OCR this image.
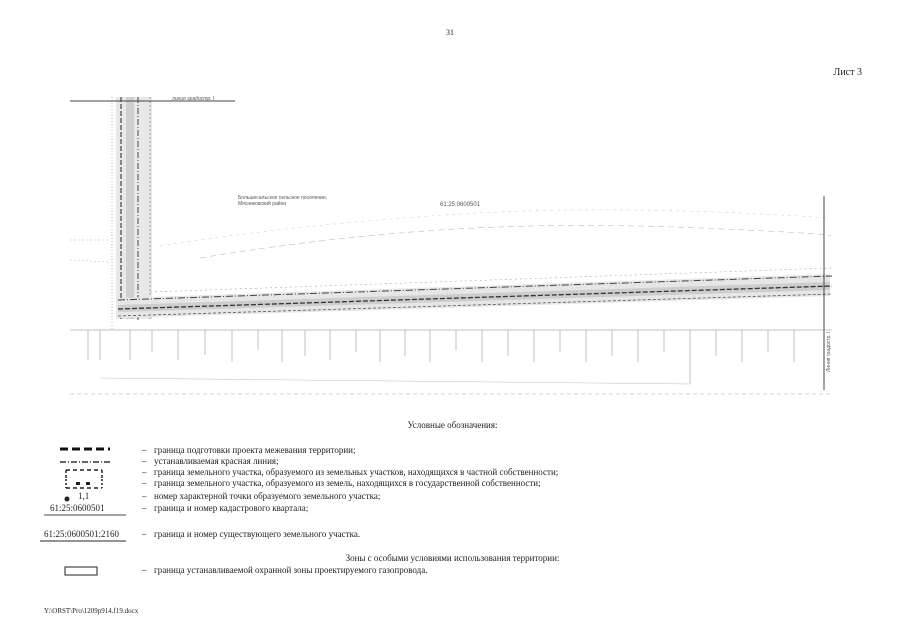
31
Лист 3
линия градостр. l
Линия градостр. l
Большесальское сельское поселение, Мясниковский район	61:25:0600501
Условные обозначения:
– граница подготовки проекта межевания территории;
– устанавливаемая красная линия;
– граница земельного участка, образуемого из земельных участков, находящихся в частной собственности;
– граница земельного участка, образуемого из земель, находящихся в государственной собственности;
1,1	– номер характерной точки образуемого земельного участка;
61:25:0600501	– граница и номер кадастрового квартала;
61:25:0600501:2160	– граница и номер существующего земельного участка.
Зоны с особыми условиями использования территории:
– граница устанавливаемой охранной зоны проектируемого газопровода.
Y:\ORST\Pro\1209p914.f19.docx
